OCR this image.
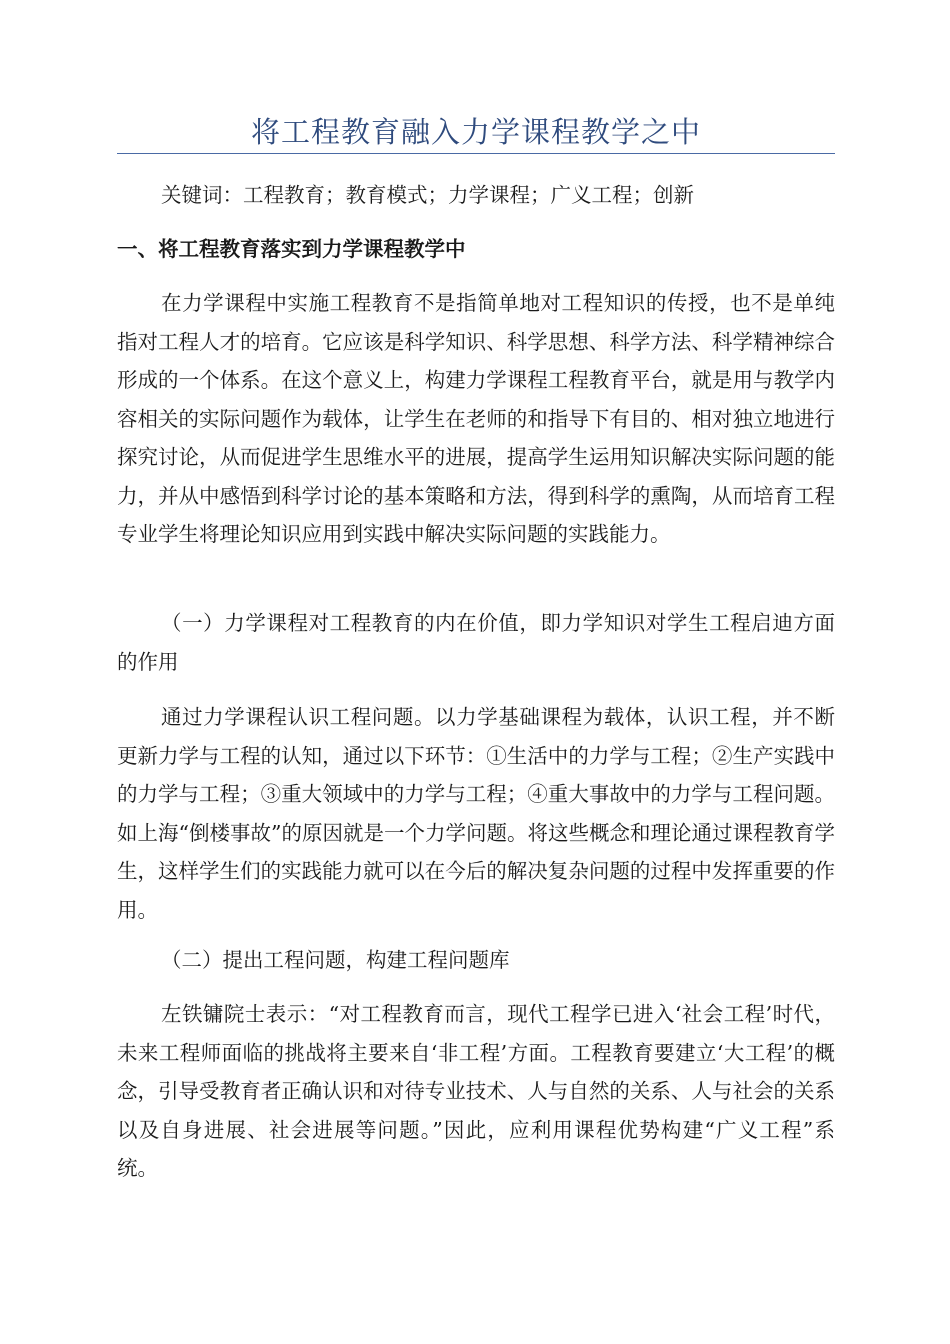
将工程教育融入力学课程教学之中
关键词：工程教育；教育模式；力学课程；广义工程；创新
一、将工程教育落实到力学课程教学中

在力学课程中实施工程教育不是指简单地对工程知识的传授，也不是单纯指对工程人才的培育。它应该是科学知识、科学思想、科学方法、科学精神综合形成的一个体系。在这个意义上，构建力学课程工程教育平台，就是用与教学内容相关的实际问题作为载体，让学生在老师的和指导下有目的、相对独立地进行探究讨论，从而促进学生思维水平的进展，提高学生运用知识解决实际问题的能力，并从中感悟到科学讨论的基本策略和方法，得到科学的熏陶，从而培育工程专业学生将理论知识应用到实践中解决实际问题的实践能力。

（一）力学课程对工程教育的内在价值，即力学知识对学生工程启迪方面的作用

通过力学课程认识工程问题。以力学基础课程为载体，认识工程，并不断更新力学与工程的认知，通过以下环节：①生活中的力学与工程；②生产实践中的力学与工程；③重大领域中的力学与工程；④重大事故中的力学与工程问题。如上海“倒楼事故”的原因就是一个力学问题。将这些概念和理论通过课程教育学生，这样学生们的实践能力就可以在今后的解决复杂问题的过程中发挥重要的作用。

（二）提出工程问题，构建工程问题库

左铁镛院士表示：“对工程教育而言，现代工程学已进入‘社会工程’时代，未来工程师面临的挑战将主要来自‘非工程’方面。工程教育要建立‘大工程’的概念，引导受教育者正确认识和对待专业技术、人与自然的关系、人与社会的关系以及自身进展、社会进展等问题。”因此，应利用课程优势构建“广义工程”系统。
